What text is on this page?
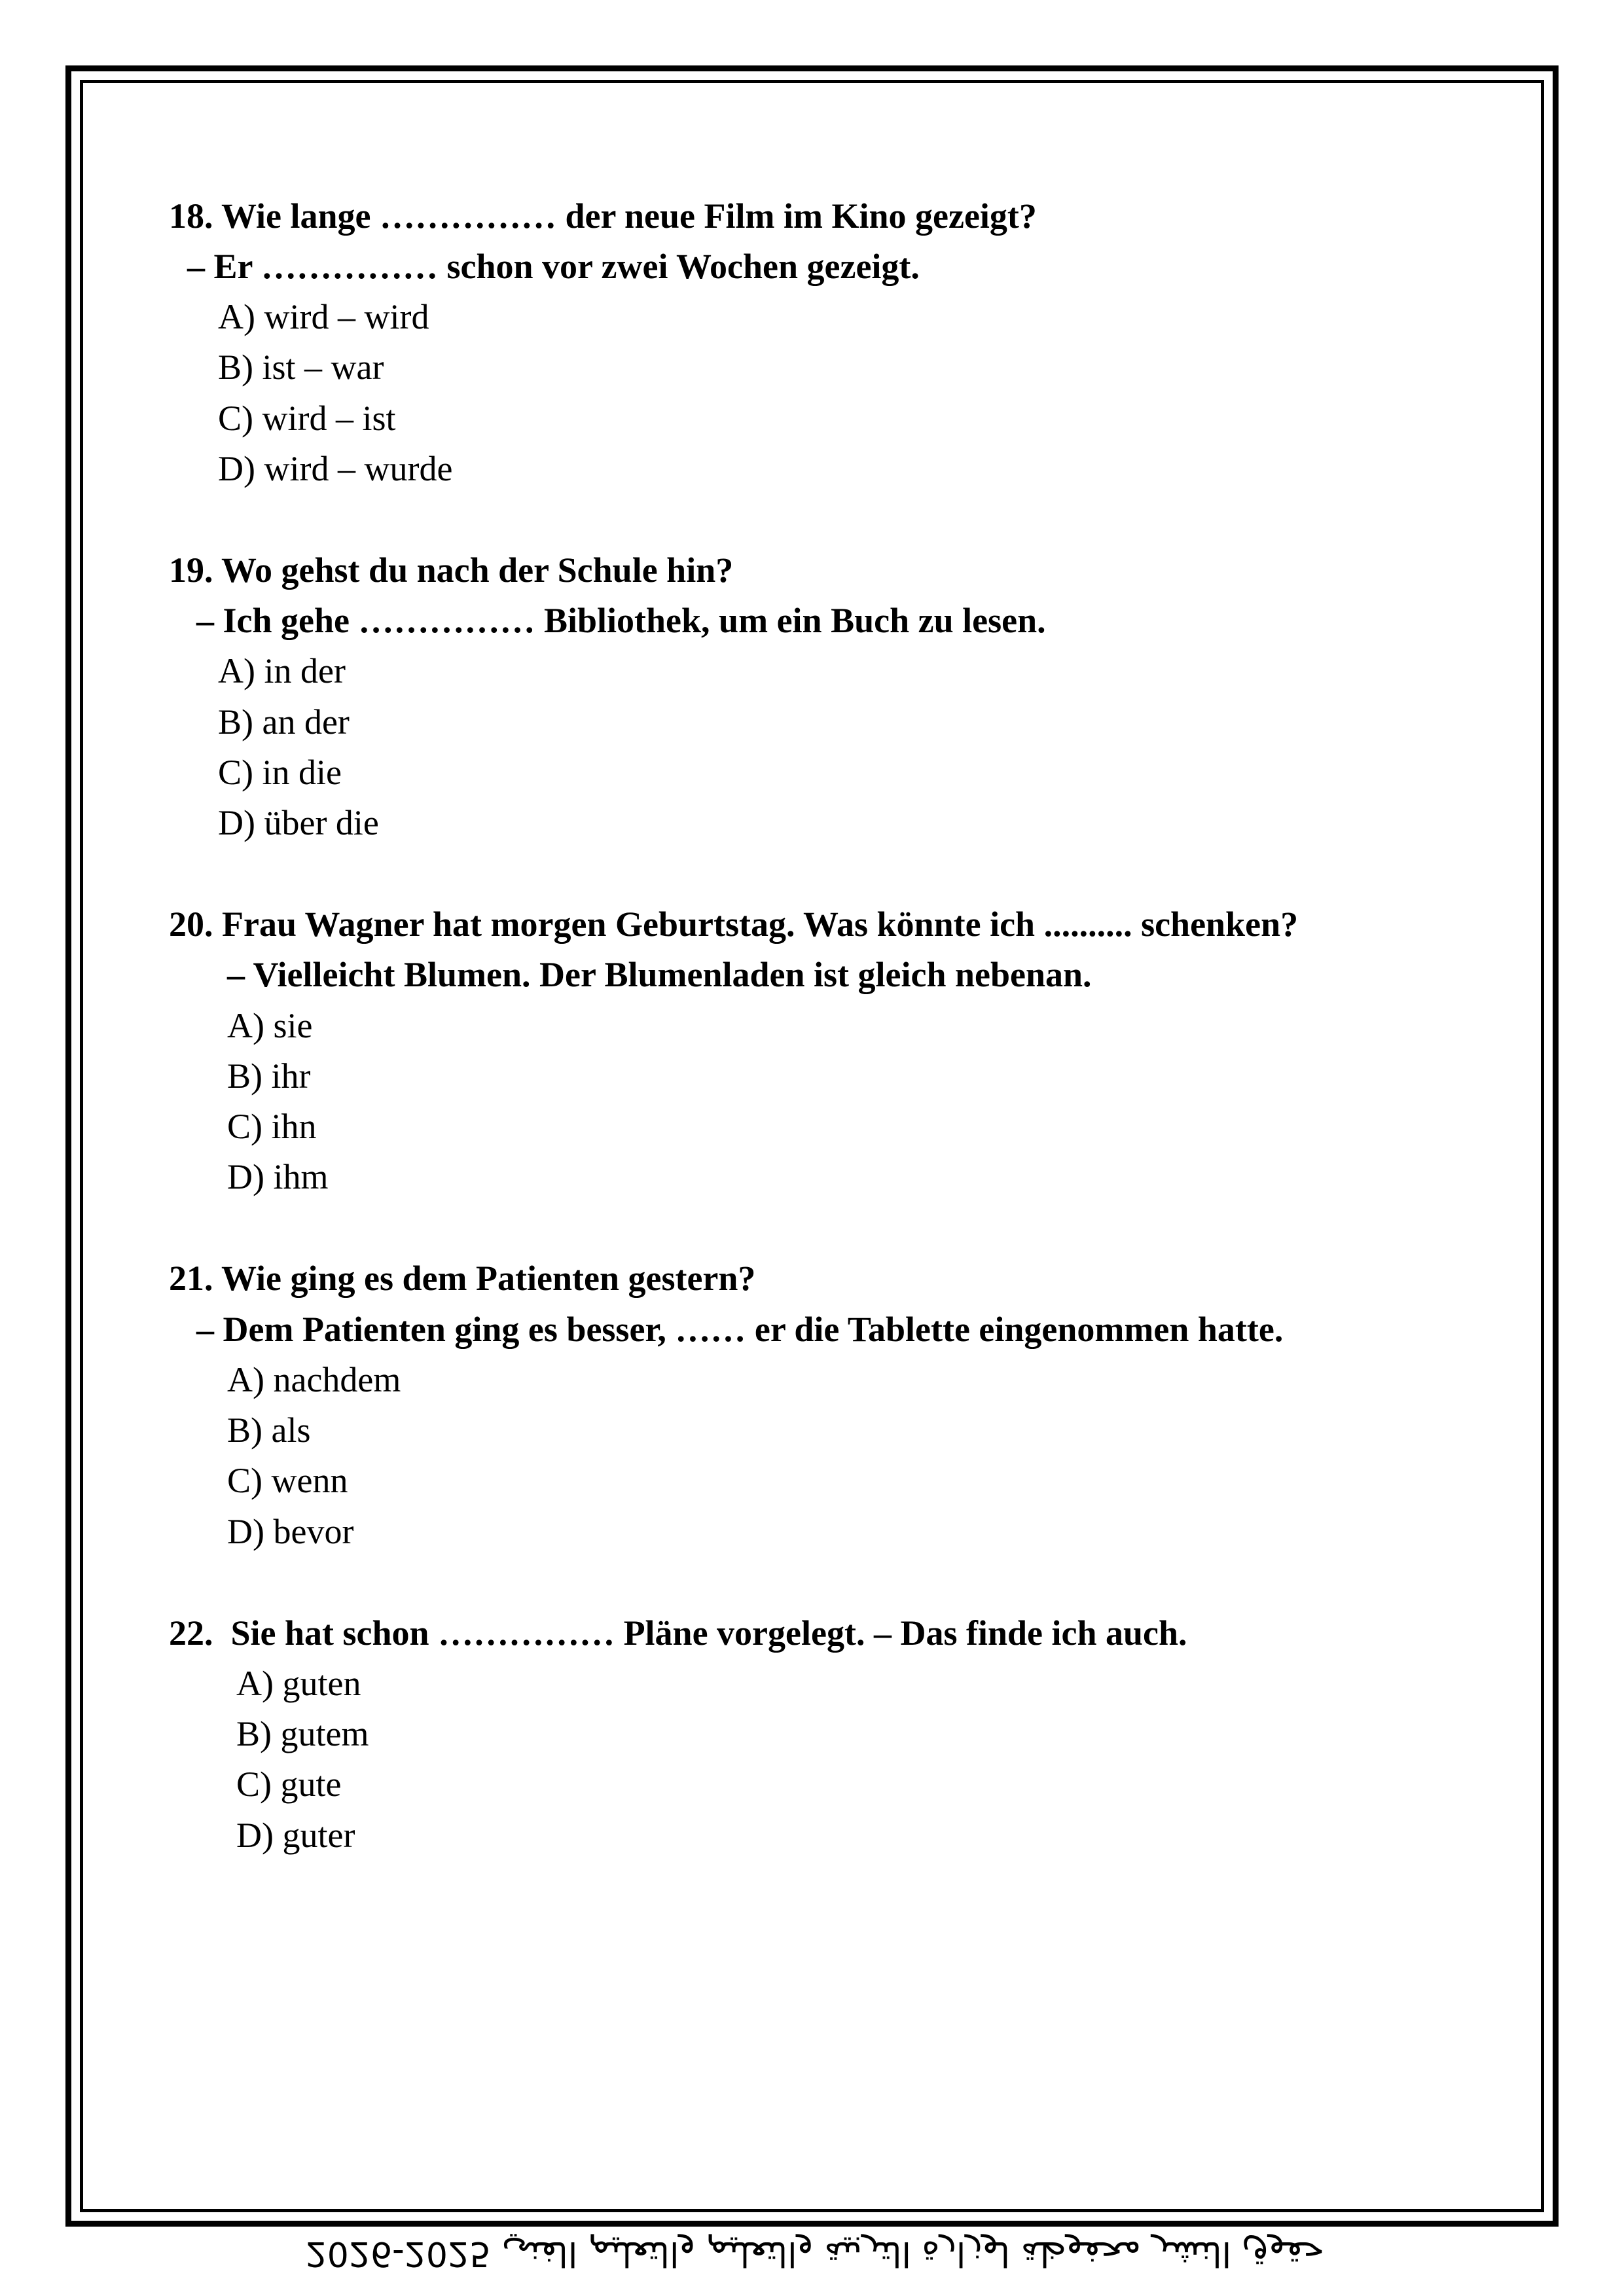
18. Wie lange …………… der neue Film im Kino gezeigt?
– Er …………… schon vor zwei Wochen gezeigt.
A) wird – wird
B) ist – war
C) wird – ist
D) wird – wurde
19. Wo gehst du nach der Schule hin?
– Ich gehe …………… Bibliothek, um ein Buch zu lesen.
A) in der
B) an der
C) in die
D) über die
20. Frau Wagner hat morgen Geburtstag. Was könnte ich .......... schenken?
– Vielleicht Blumen. Der Blumenladen ist gleich nebenan.
A) sie
B) ihr
C) ihn
D) ihm
21. Wie ging es dem Patienten gestern?
– Dem Patienten ging es besser, …… er die Tablette eingenommen hatte.
A) nachdem
B) als
C) wenn
D) bevor
22.  Sie hat schon …………… Pläne vorgelegt. – Das finde ich auch.
A) guten
B) gutem
C) gute
D) guter
حقوق النشر محفوظة لوزارة التربية والتعليم والتعليم الفني 2025-2026
